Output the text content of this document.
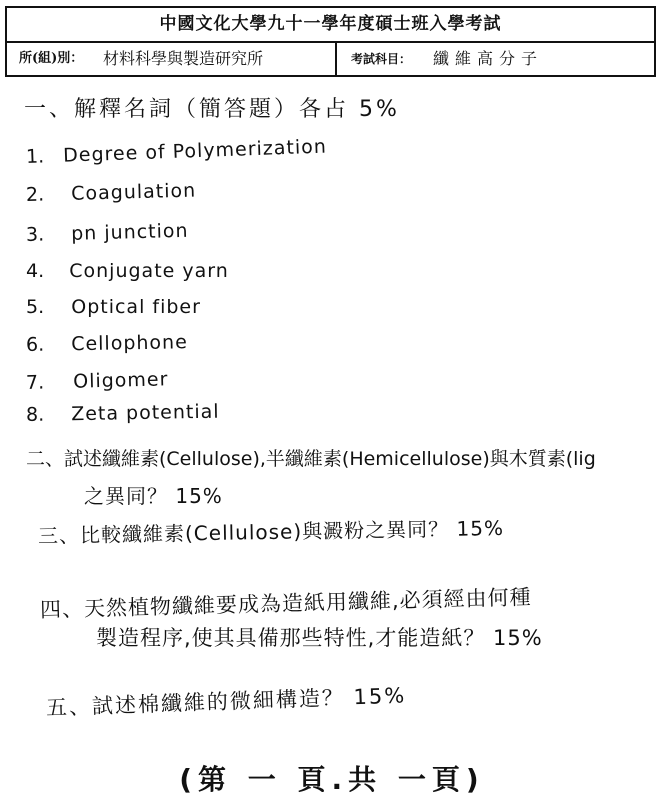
中國文化大學九十一學年度碩士班入學考試
所(組)別： 材料科學與製造研究所	考試科目： 纖維高分子
一、解釋名詞（簡答題）各占 5%
1. Degree of Polymerization
2. Coagulation
3. pn junction
4. Conjugate yarn
5. Optical fiber
6. Cellophone
7. Oligomer
8. Zeta potential
二、試述纖維素(Cellulose),半纖維素(Hemicellulose)與木質素(lig
之異同？ 15%
三、比較纖維素(Cellulose)與澱粉之異同？ 15%
四、天然植物纖維要成為造紙用纖維,必須經由何種
製造程序,使其具備那些特性,才能造紙？ 15%
五、試述棉纖維的微細構造？ 15%
(第 一 頁.共 一頁)
